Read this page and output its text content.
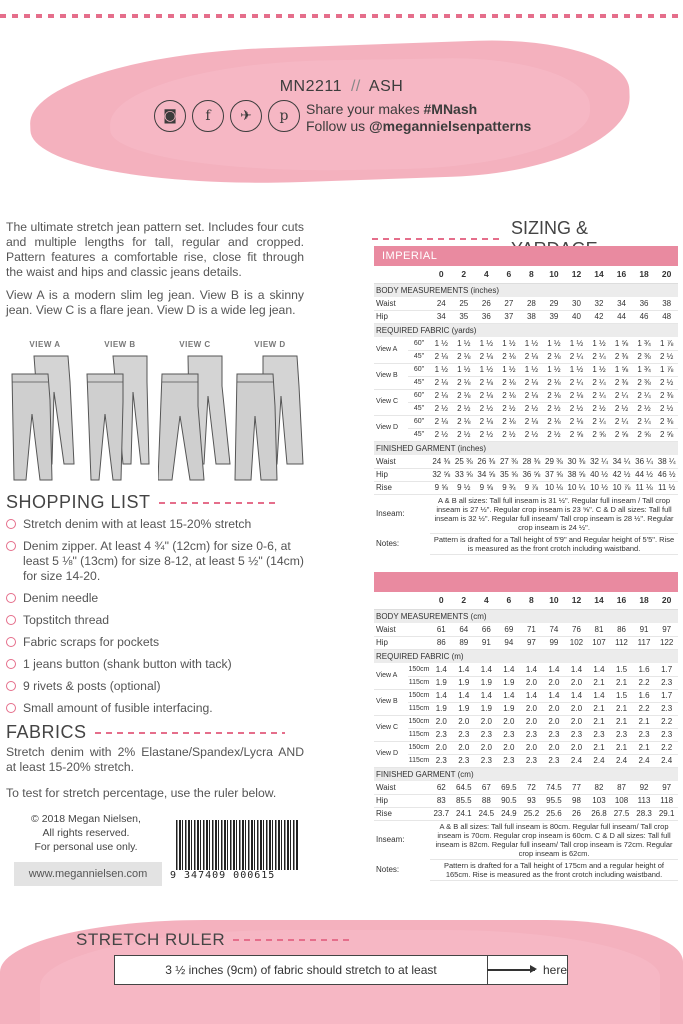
MN2211 // ASH
◙	f	✈	p	Share your makes #MNash
Follow us @megannielsenpatterns

The ultimate stretch jean pattern set. Includes four cuts and multiple lengths for tall, regular and cropped. Pattern features a comfortable rise, close fit through the waist and hips and classic jeans details.

View A is a modern slim leg jean. View B is a skinny jean. View C is a flare jean. View D is a wide leg jean.

VIEW A	VIEW B	VIEW C	VIEW D
SHOPPING LIST
Stretch denim with at least 15-20% stretch
Denim zipper. At least 4 ¾" (12cm) for size 0-6, at least 5 ⅛" (13cm) for size 8-12, at least 5 ½" (14cm) for size 14-20.
Denim needle
Topstitch thread
Fabric scraps for pockets
1 jeans button (shank button with tack)
9 rivets & posts (optional)
Small amount of fusible interfacing.
FABRICS
Stretch denim with 2% Elastane/Spandex/Lycra AND at least 15-20% stretch.
To test for stretch percentage, use the ruler below.
© 2018 Megan Nielsen,
All rights reserved.
For personal use only.
www.megannielsen.com	9 347409 000615
SIZING &
IMPERIAL
		0	2	4	6	8	10	12	14	16	18	20
BODY MEASUREMENTS (inches)												
Waist		24	25	26	27	28	29	30	32	34	36	38
Hip		34	35	36	37	38	39	40	42	44	46	48
REQUIRED FABRIC (yards)												
View A	60"	1 ½	1 ½	1 ½	1 ½	1 ½	1 ½	1 ½	1 ½	1 ⅝	1 ¾	1 ⅞
	45"	2 ⅛	2 ⅛	2 ⅛	2 ⅛	2 ⅛	2 ⅛	2 ¼	2 ¼	2 ⅜	2 ⅜	2 ½
View B	60"	1 ½	1 ½	1 ½	1 ½	1 ½	1 ½	1 ½	1 ½	1 ⅝	1 ¾	1 ⅞
	45"	2 ⅛	2 ⅛	2 ⅛	2 ⅛	2 ⅛	2 ⅛	2 ¼	2 ¼	2 ⅜	2 ⅜	2 ½
View C	60"	2 ⅛	2 ⅛	2 ⅛	2 ⅛	2 ⅛	2 ⅛	2 ⅛	2 ¼	2 ¼	2 ¼	2 ⅜
	45"	2 ½	2 ½	2 ½	2 ½	2 ½	2 ½	2 ½	2 ½	2 ½	2 ½	2 ½
View D	60"	2 ⅛	2 ⅛	2 ⅛	2 ⅛	2 ⅛	2 ⅛	2 ⅛	2 ¼	2 ¼	2 ¼	2 ⅜
	45"	2 ½	2 ½	2 ½	2 ½	2 ½	2 ½	2 ⅝	2 ⅝	2 ⅝	2 ⅝	2 ⅝
FINISHED GARMENT (inches)												
Waist		24 ⅜	25 ⅜	26 ⅜	27 ⅜	28 ⅜	29 ⅜	30 ⅜	32 ¼	34 ¼	36 ¼	38 ¼
Hip		32 ⅝	33 ⅝	34 ⅝	35 ⅝	36 ⅝	37 ⅝	38 ⅝	40 ½	42 ½	44 ½	46 ½
Rise		9 ⅝	9 ½	9 ⅝	9 ¾	9 ⅞	10 ⅛	10 ¼	10 ½	10 ⅞	11 ⅛	11 ½
Inseam:		A & B all sizes: Tall full inseam is 31 ½". Regular full inseam / Tall crop inseam is 27 ½". Regular crop inseam is 23 ⅝". C & D all sizes: Tall full inseam is 32 ½". Regular full inseam/ Tall crop inseam is 28 ½". Regular crop inseam is 24 ½".										
Notes:		Pattern is drafted for a Tall height of 5'9" and Regular height of 5'5". Rise is measured as the front crotch including waistband.										
		0	2	4	6	8	10	12	14	16	18	20
BODY MEASUREMENTS (cm)												
Waist		61	64	66	69	71	74	76	81	86	91	97
Hip		86	89	91	94	97	99	102	107	112	117	122
REQUIRED FABRIC (m)												
View A	150cm	1.4	1.4	1.4	1.4	1.4	1.4	1.4	1.4	1.5	1.6	1.7
	115cm	1.9	1.9	1.9	1.9	2.0	2.0	2.0	2.1	2.1	2.2	2.3
View B	150cm	1.4	1.4	1.4	1.4	1.4	1.4	1.4	1.4	1.5	1.6	1.7
	115cm	1.9	1.9	1.9	1.9	2.0	2.0	2.0	2.1	2.1	2.2	2.3
View C	150cm	2.0	2.0	2.0	2.0	2.0	2.0	2.0	2.1	2.1	2.1	2.2
	115cm	2.3	2.3	2.3	2.3	2.3	2.3	2.3	2.3	2.3	2.3	2.3
View D	150cm	2.0	2.0	2.0	2.0	2.0	2.0	2.0	2.1	2.1	2.1	2.2
	115cm	2.3	2.3	2.3	2.3	2.3	2.3	2.4	2.4	2.4	2.4	2.4
FINISHED GARMENT (cm)												
Waist		62	64.5	67	69.5	72	74.5	77	82	87	92	97
Hip		83	85.5	88	90.5	93	95.5	98	103	108	113	118
Rise		23.7	24.1	24.5	24.9	25.2	25.6	26	26.8	27.5	28.3	29.1
Inseam:		A & B all sizes: Tall full inseam is 80cm. Regular full inseam/ Tall crop inseam is 70cm. Regular crop inseam is 60cm. C & D all sizes: Tall full inseam is 82cm. Regular full inseam/ Tall crop inseam is 72cm. Regular crop inseam is 62cm.										
Notes:		Pattern is drafted for a Tall height of 175cm and a regular height of 165cm. Rise is measured as the front crotch including waistband.										
STRETCH RULER
3 ½ inches (9cm) of fabric should stretch to at least	here
